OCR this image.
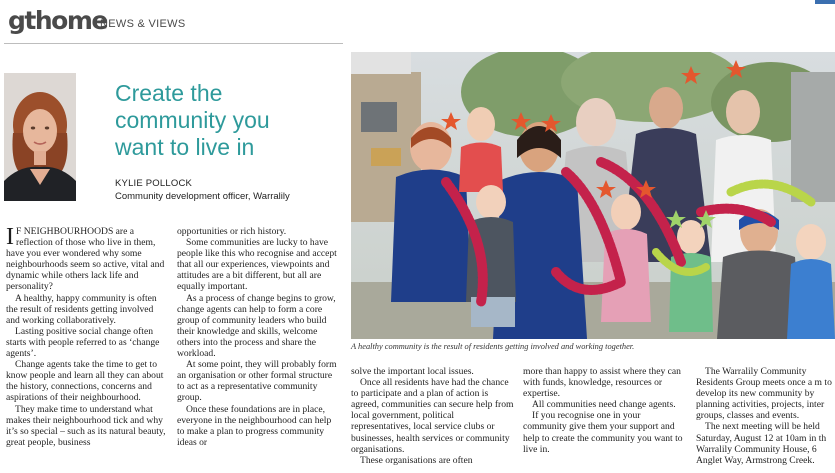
gthome
NEWS & VIEWS
Create the
community you
want to live in
KYLIE POLLOCK
Community development officer, Warralily

I F NEIGHBOURHOODS are a reflection of those who live in them, have you ever wondered why some neighbourhoods seem so active, vital and dynamic while others lack life and personality?

A healthy, happy community is often the result of residents getting involved and working collaboratively.

Lasting positive social change often starts with people referred to as ‘change agents’.

Change agents take the time to get to know people and learn all they can about the history, connections, concerns and aspirations of their neighbourhood.

They make time to understand what makes their neighbourhood tick and why it’s so special – such as its natural beauty, great people, business

opportunities or rich history.

Some communities are lucky to have people like this who recognise and accept that all our experiences, viewpoints and attitudes are a bit different, but all are equally important.

As a process of change begins to grow, change agents can help to form a core group of community leaders who build their knowledge and skills, welcome others into the process and share the workload.

At some point, they will probably form an organisation or other formal structure to act as a representative community group.

Once these foundations are in place, everyone in the neighbourhood can help to make a plan to progress community ideas or

A healthy community is the result of residents getting involved and working together.

solve the important local issues.

Once all residents have had the chance to participate and a plan of action is agreed, communities can secure help from local government, political representatives, local service clubs or businesses, health services or community organisations.

These organisations are often

more than happy to assist where they can with funds, knowledge, resources or expertise.

All communities need change agents.

If you recognise one in your community give them your support and help to create the community you want to live in.

The Warralily Community Residents Group meets once a m to develop its new community by planning activities, projects, inter groups, classes and events.

The next meeting will be held Saturday, August 12 at 10am in th Warralily Community House, 6 Anglet Way, Armstrong Creek.
